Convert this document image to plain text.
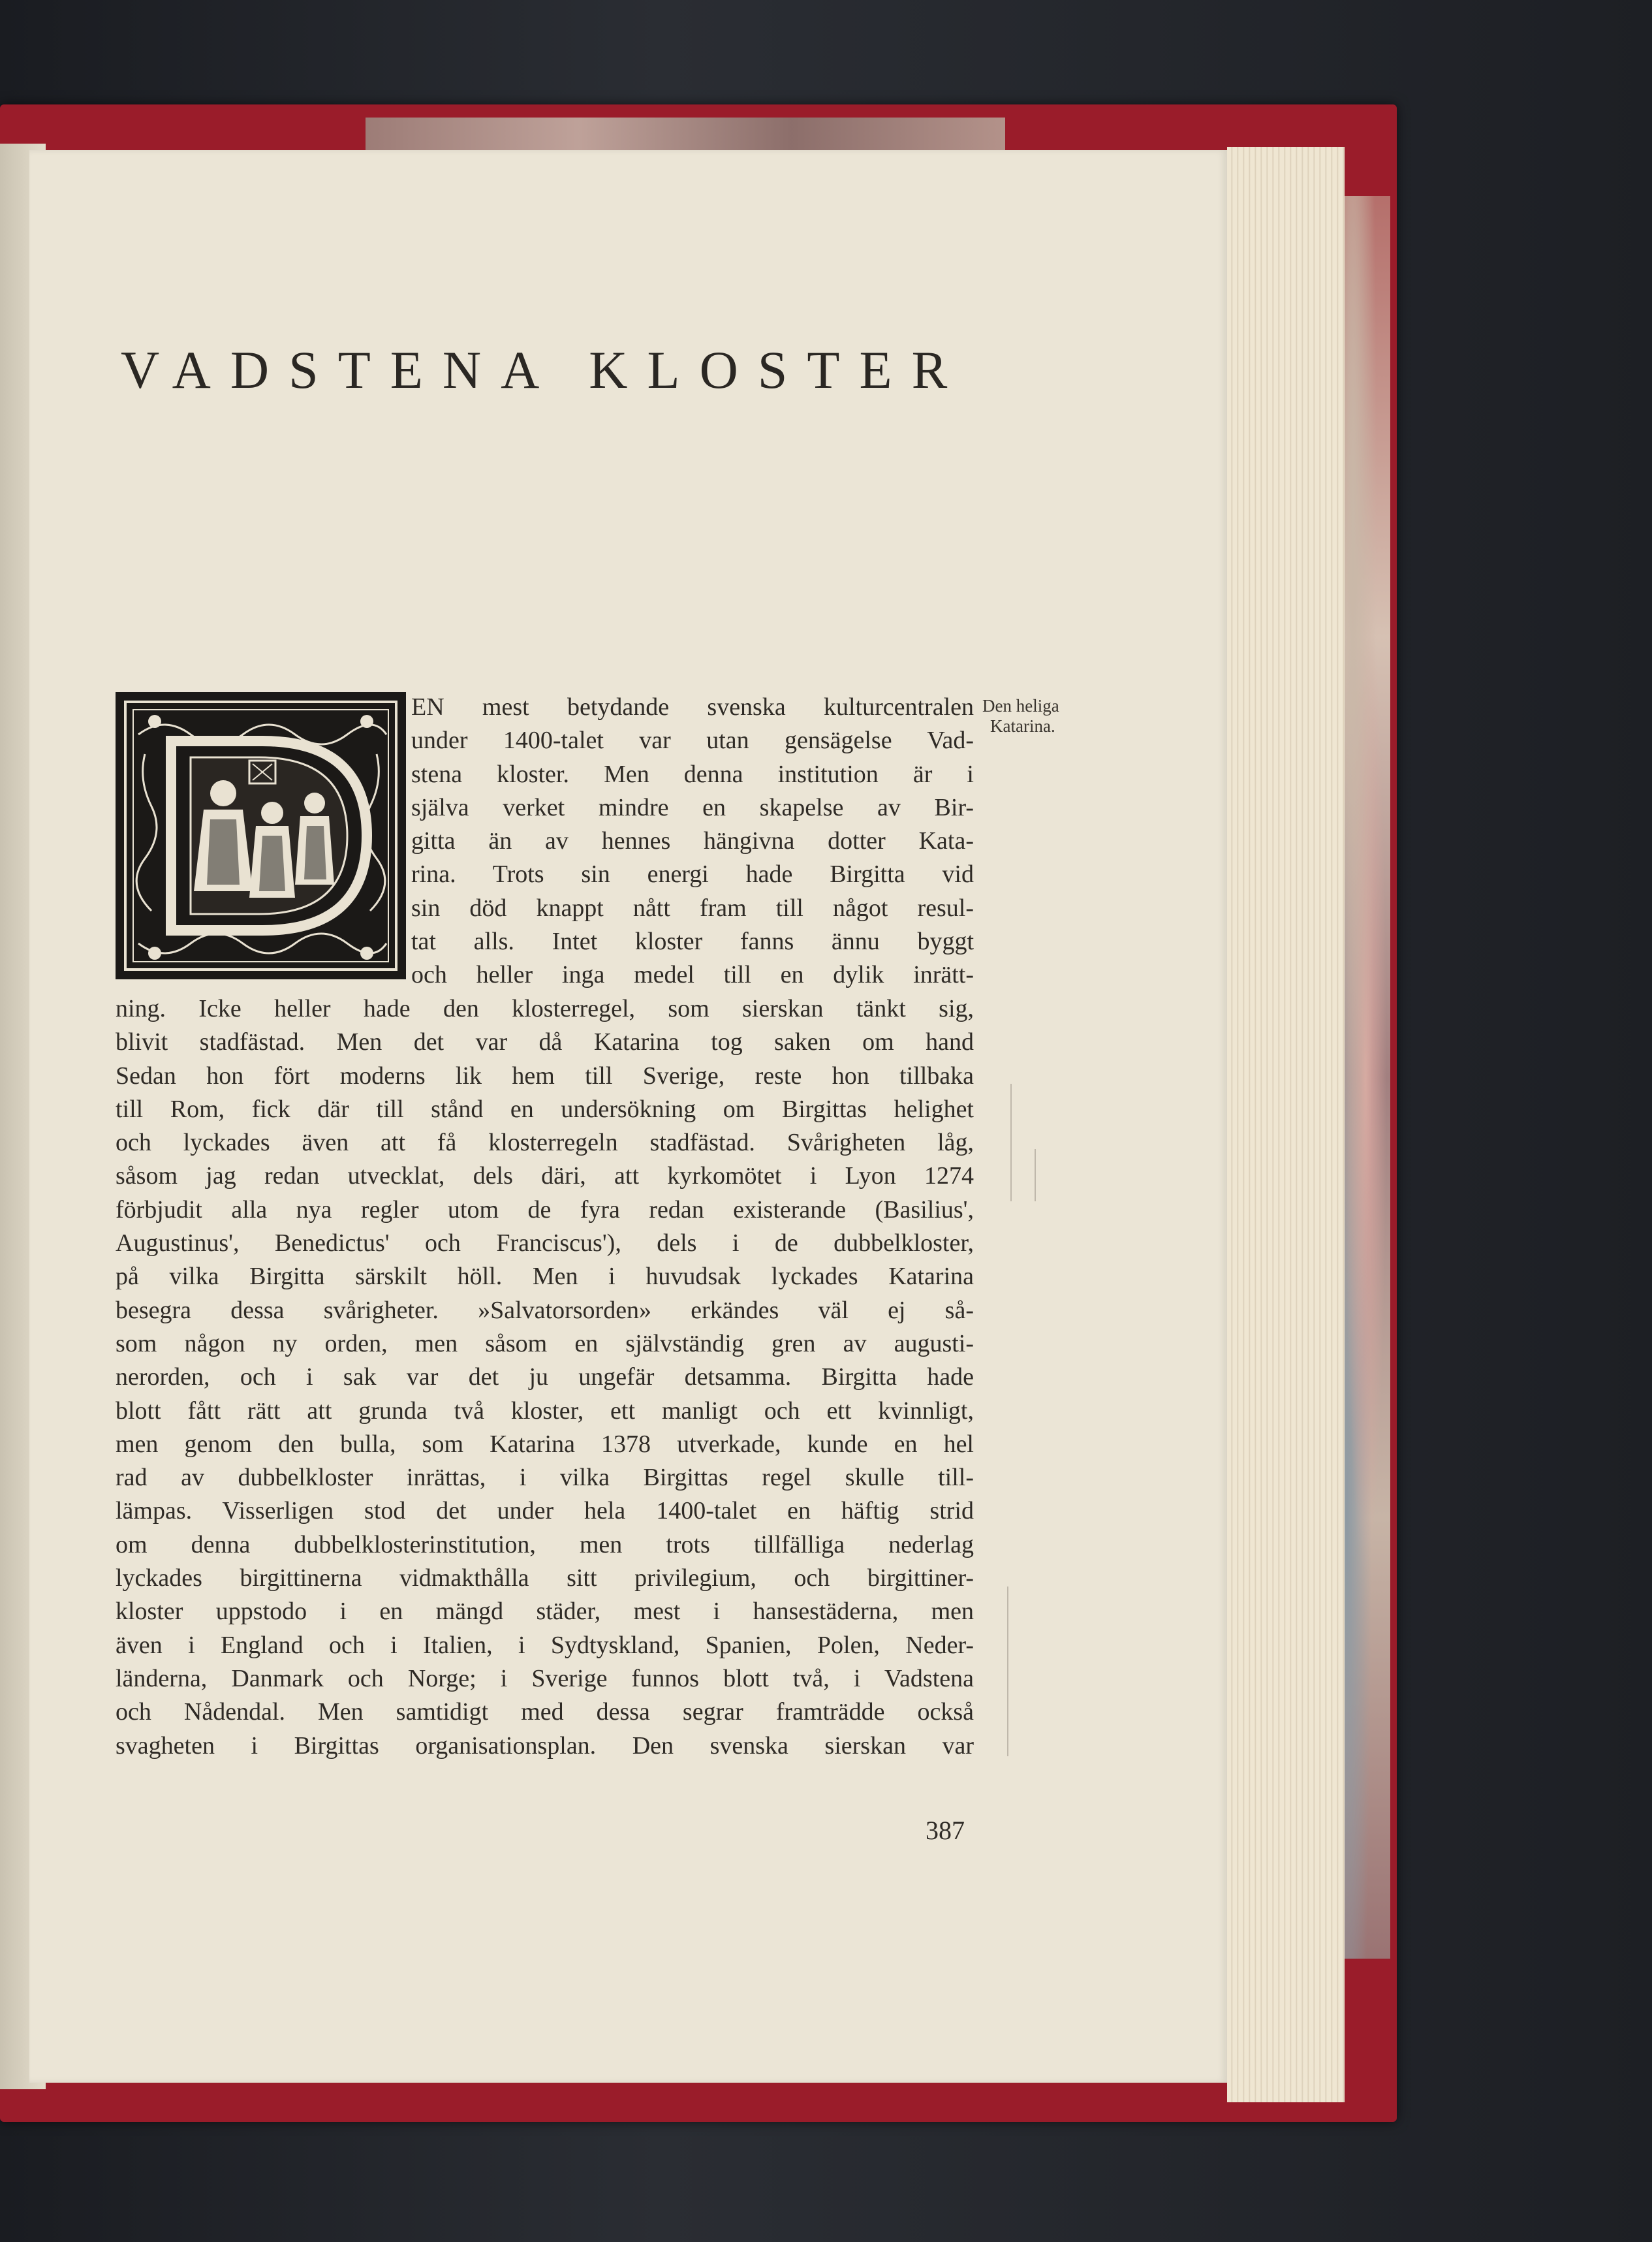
VADSTENA KLOSTER
EN mest betydande svenska kulturcentralen
under 1400-talet var utan gensägelse Vad-
stena kloster. Men denna institution är i
själva verket mindre en skapelse av Bir-
gitta än av hennes hängivna dotter Kata-
rina. Trots sin energi hade Birgitta vid
sin död knappt nått fram till något resul-
tat alls. Intet kloster fanns ännu byggt
och heller inga medel till en dylik inrätt-
ning. Icke heller hade den klosterregel, som sierskan tänkt sig,
blivit stadfästad. Men det var då Katarina tog saken om hand
Sedan hon fört moderns lik hem till Sverige, reste hon tillbaka
till Rom, fick där till stånd en undersökning om Birgittas helighet
och lyckades även att få klosterregeln stadfästad. Svårigheten låg,
såsom jag redan utvecklat, dels däri, att kyrkomötet i Lyon 1274
förbjudit alla nya regler utom de fyra redan existerande (Basilius',
Augustinus', Benedictus' och Franciscus'), dels i de dubbelkloster,
på vilka Birgitta särskilt höll. Men i huvudsak lyckades Katarina
besegra dessa svårigheter. »Salvatorsorden» erkändes väl ej så-
som någon ny orden, men såsom en självständig gren av augusti-
nerorden, och i sak var det ju ungefär detsamma. Birgitta hade
blott fått rätt att grunda två kloster, ett manligt och ett kvinnligt,
men genom den bulla, som Katarina 1378 utverkade, kunde en hel
rad av dubbelkloster inrättas, i vilka Birgittas regel skulle till-
lämpas. Visserligen stod det under hela 1400-talet en häftig strid
om denna dubbelklosterinstitution, men trots tillfälliga nederlag
lyckades birgittinerna vidmakthålla sitt privilegium, och birgittiner-
kloster uppstodo i en mängd städer, mest i hansestäderna, men
även i England och i Italien, i Sydtyskland, Spanien, Polen, Neder-
länderna, Danmark och Norge; i Sverige funnos blott två, i Vadstena
och Nådendal. Men samtidigt med dessa segrar framträdde också
svagheten i Birgittas organisationsplan. Den svenska sierskan var
Den heliga
Katarina.
387
